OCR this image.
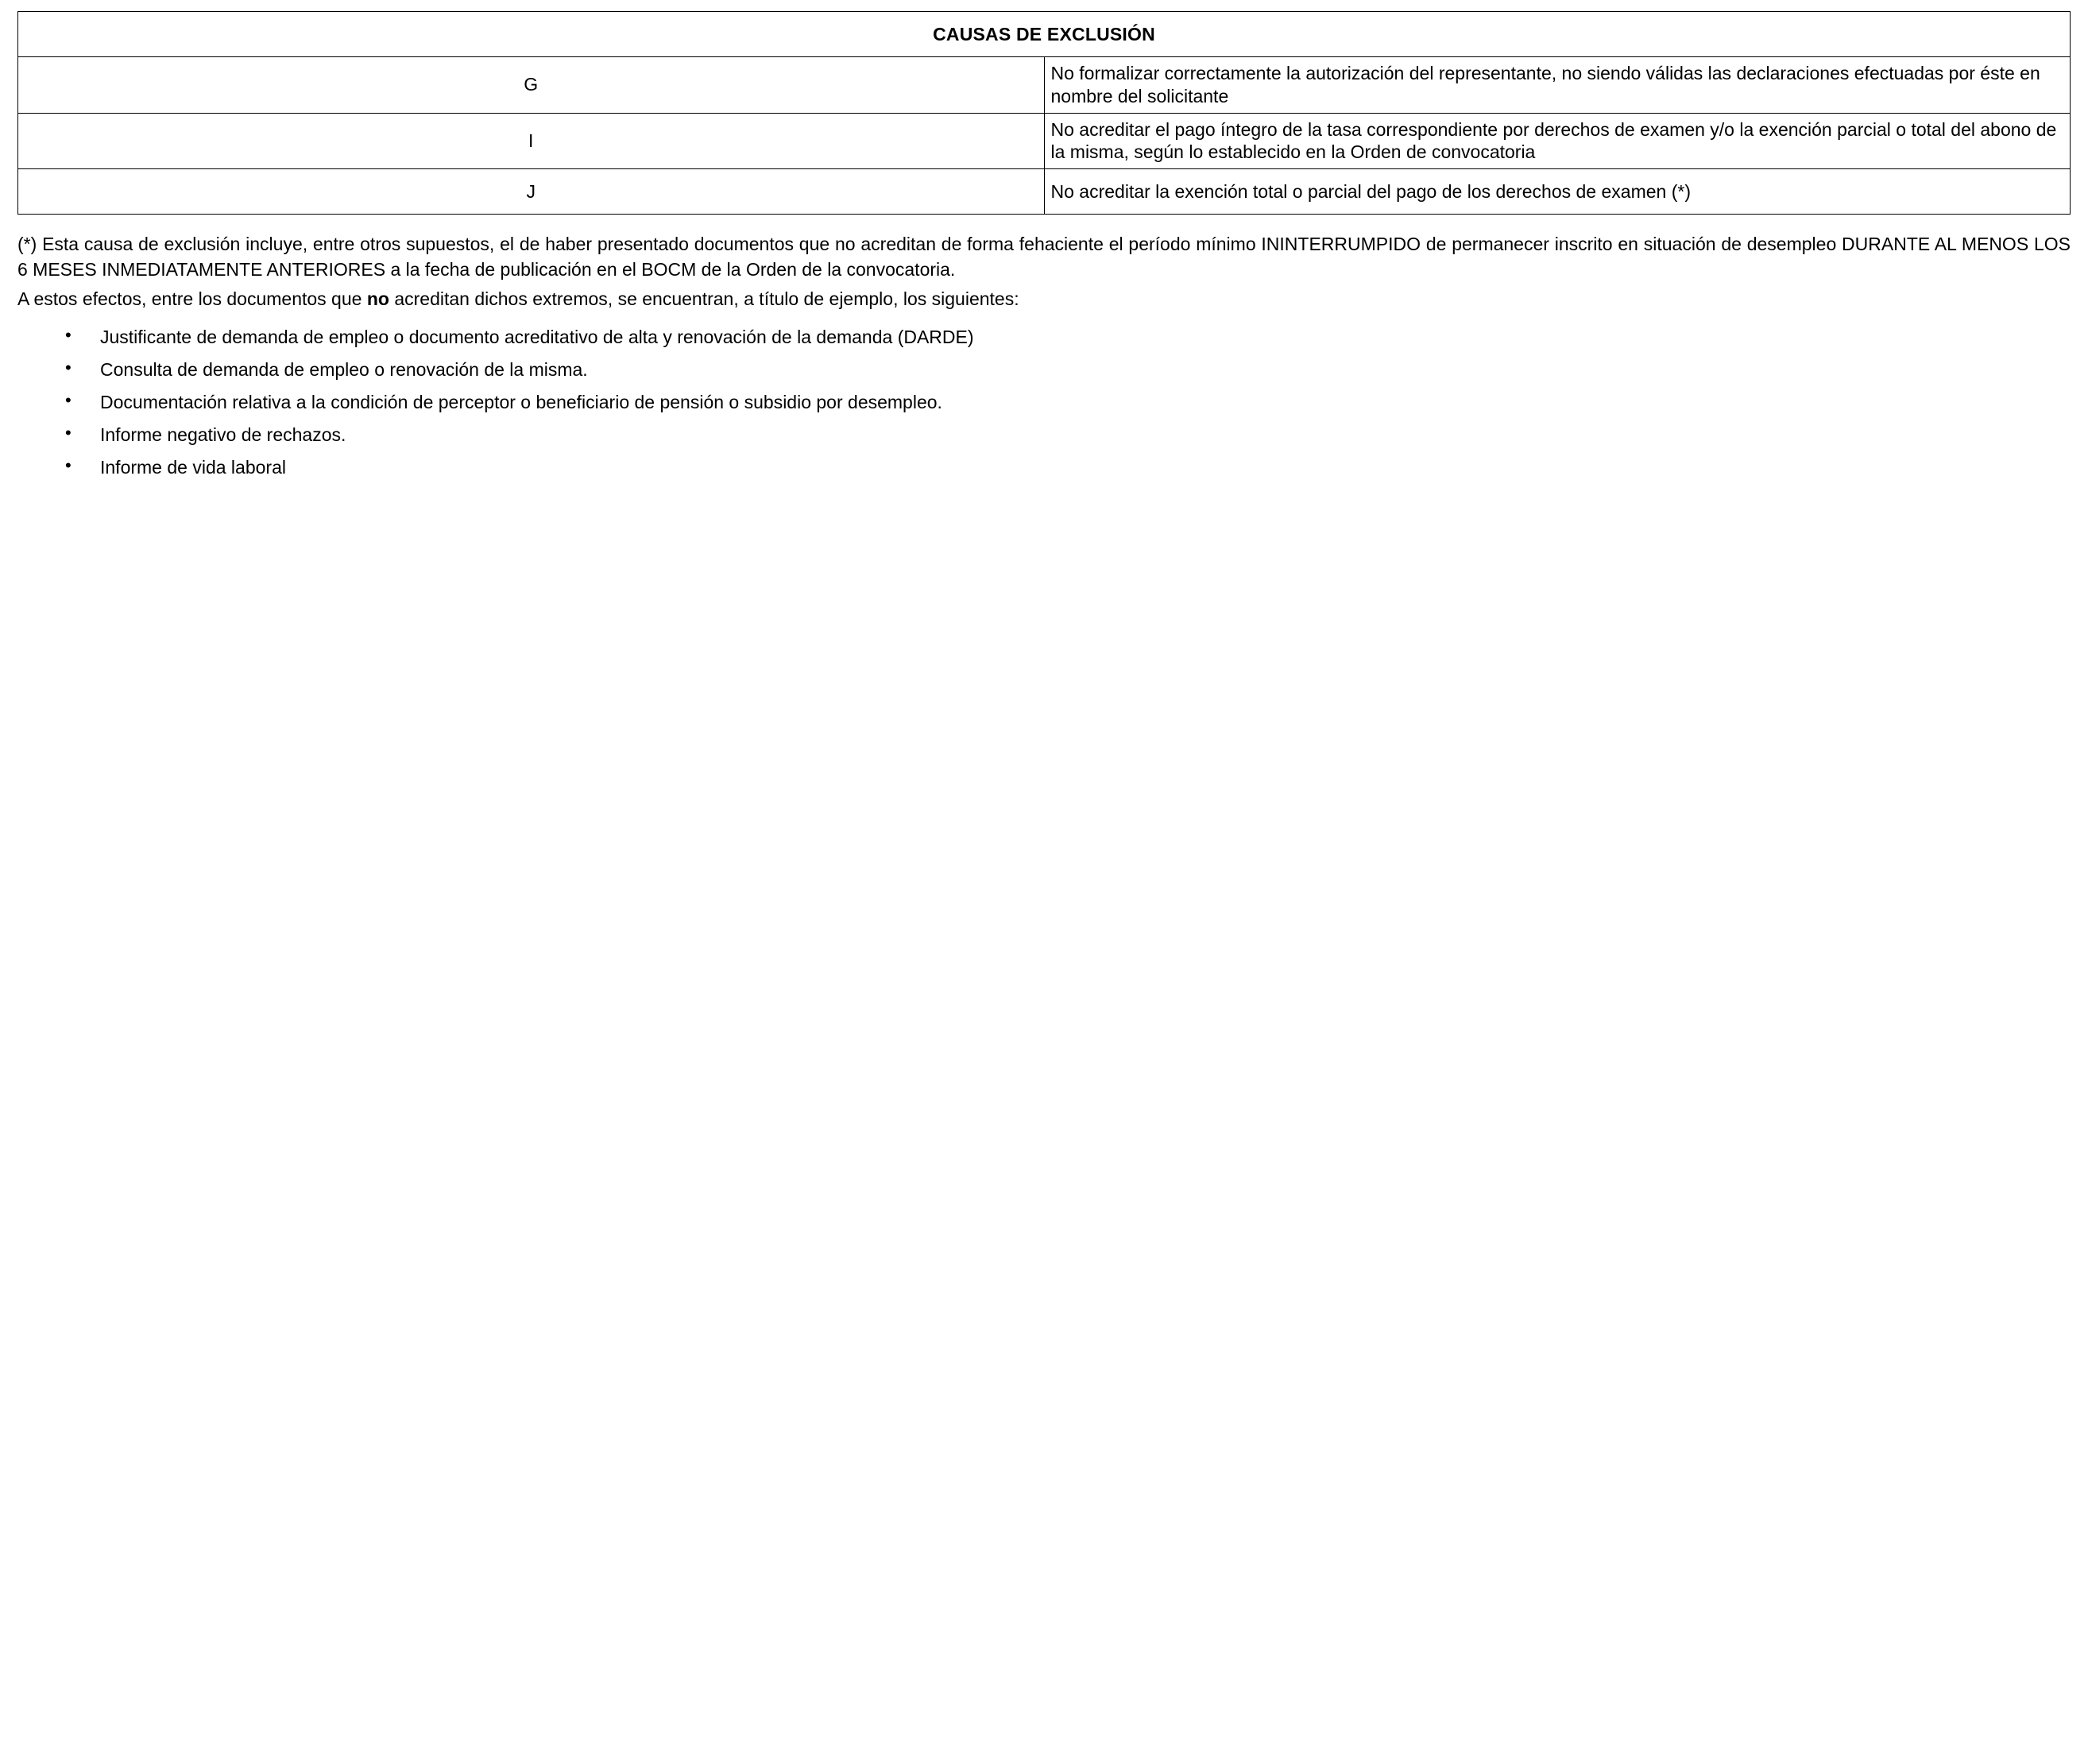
CAUSAS DE EXCLUSIÓN	
G	No formalizar correctamente la autorización del representante, no siendo válidas las declaraciones efectuadas por éste en nombre del solicitante
I	No acreditar el pago íntegro de la tasa correspondiente por derechos de examen y/o la exención parcial o total del abono de la misma, según lo establecido en la Orden de convocatoria
J	No acreditar la exención total o parcial del pago de los derechos de examen (*)

(*) Esta causa de exclusión incluye, entre otros supuestos, el de haber presentado documentos que no acreditan de forma fehaciente el período mínimo ININTERRUMPIDO de permanecer inscrito en situación de desempleo DURANTE AL MENOS LOS 6 MESES INMEDIATAMENTE ANTERIORES a la fecha de publicación en el BOCM de la Orden de la convocatoria.

A estos efectos, entre los documentos que no acreditan dichos extremos, se encuentran, a título de ejemplo, los siguientes:

• Justificante de demanda de empleo o documento acreditativo de alta y renovación de la demanda (DARDE)
• Consulta de demanda de empleo o renovación de la misma.
• Documentación relativa a la condición de perceptor o beneficiario de pensión o subsidio por desempleo.
• Informe negativo de rechazos.
• Informe de vida laboral
